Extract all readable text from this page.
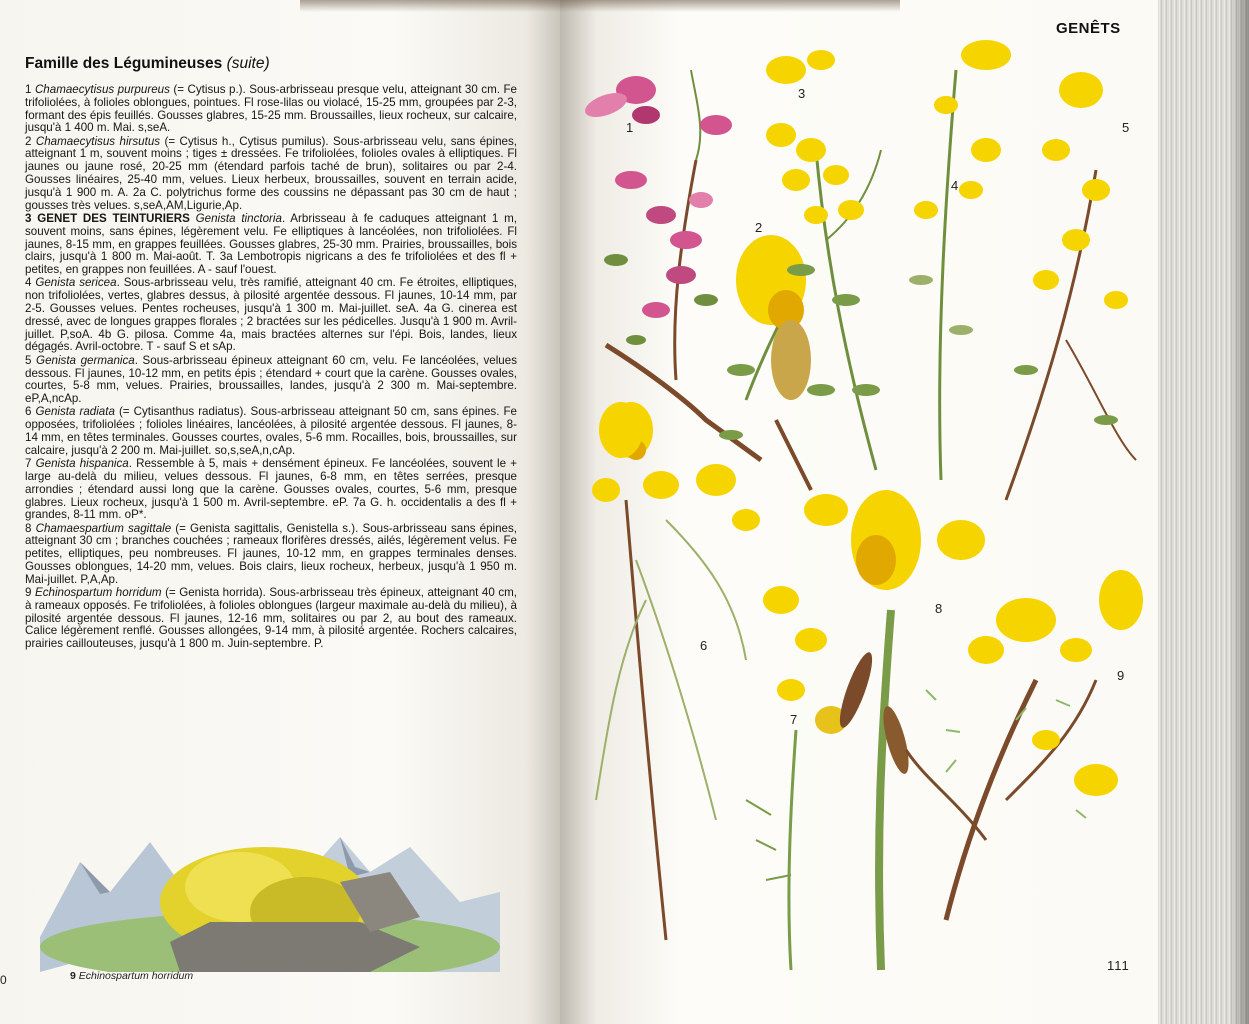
Famille des Légumineuses (suite)

1 Chamaecytisus purpureus (= Cytisus p.). Sous-arbrisseau presque velu, atteignant 30 cm. Fe trifoliolées, à folioles oblongues, pointues. Fl rose-lilas ou violacé, 15-25 mm, groupées par 2-3, formant des épis feuillés. Gousses glabres, 15-25 mm. Broussailles, lieux rocheux, sur calcaire, jusqu'à 1 400 m. Mai. s,seA.

2 Chamaecytisus hirsutus (= Cytisus h., Cytisus pumilus). Sous-arbrisseau velu, sans épines, atteignant 1 m, souvent moins ; tiges ± dressées. Fe trifoliolées, folioles ovales à elliptiques. Fl jaunes ou jaune rosé, 20-25 mm (étendard parfois taché de brun), solitaires ou par 2-4. Gousses linéaires, 25-40 mm, velues. Lieux herbeux, broussailles, souvent en terrain acide, jusqu'à 1 900 m. A. 2a C. polytrichus forme des coussins ne dépassant pas 30 cm de haut ; gousses très velues. s,seA,AM,Ligurie,Ap.

3 GENET DES TEINTURIERS Genista tinctoria. Arbrisseau à fe caduques atteignant 1 m, souvent moins, sans épines, légèrement velu. Fe elliptiques à lancéolées, non trifoliolées. Fl jaunes, 8-15 mm, en grappes feuillées. Gousses glabres, 25-30 mm. Prairies, broussailles, bois clairs, jusqu'à 1 800 m. Mai-août. T. 3a Lembotropis nigricans a des fe trifoliolées et des fl + petites, en grappes non feuillées. A - sauf l'ouest.

4 Genista sericea. Sous-arbrisseau velu, très ramifié, atteignant 40 cm. Fe étroites, elliptiques, non trifoliolées, vertes, glabres dessus, à pilosité argentée dessous. Fl jaunes, 10-14 mm, par 2-5. Gousses velues. Pentes rocheuses, jusqu'à 1 300 m. Mai-juillet. seA. 4a G. cinerea est dressé, avec de longues grappes florales ; 2 bractées sur les pédicelles. Jusqu'à 1 900 m. Avril-juillet. P,soA. 4b G. pilosa. Comme 4a, mais bractées alternes sur l'épi. Bois, landes, lieux dégagés. Avril-octobre. T - sauf S et sAp.

5 Genista germanica. Sous-arbrisseau épineux atteignant 60 cm, velu. Fe lancéolées, velues dessous. Fl jaunes, 10-12 mm, en petits épis ; étendard + court que la carène. Gousses ovales, courtes, 5-8 mm, velues. Prairies, broussailles, landes, jusqu'à 2 300 m. Mai-septembre. eP,A,ncAp.

6 Genista radiata (= Cytisanthus radiatus). Sous-arbrisseau atteignant 50 cm, sans épines. Fe opposées, trifoliolées ; folioles linéaires, lancéolées, à pilosité argentée dessous. Fl jaunes, 8-14 mm, en têtes terminales. Gousses courtes, ovales, 5-6 mm. Rocailles, bois, broussailles, sur calcaire, jusqu'à 2 200 m. Mai-juillet. so,s,seA,n,cAp.

7 Genista hispanica. Ressemble à 5, mais + densément épineux. Fe lancéolées, souvent le + large au-delà du milieu, velues dessous. Fl jaunes, 6-8 mm, en têtes serrées, presque arrondies ; étendard aussi long que la carène. Gousses ovales, courtes, 5-6 mm, presque glabres. Lieux rocheux, jusqu'à 1 500 m. Avril-septembre. eP. 7a G. h. occidentalis a des fl + grandes, 8-11 mm. oP*.

8 Chamaespartium sagittale (= Genista sagittalis, Genistella s.). Sous-arbrisseau sans épines, atteignant 30 cm ; branches couchées ; rameaux florifères dressés, ailés, légèrement velus. Fe petites, elliptiques, peu nombreuses. Fl jaunes, 10-12 mm, en grappes terminales denses. Gousses oblongues, 14-20 mm, velues. Bois clairs, lieux rocheux, herbeux, jusqu'à 1 950 m. Mai-juillet. P,A,Ap.

9 Echinospartum horridum (= Genista horrida). Sous-arbrisseau très épineux, atteignant 40 cm, à rameaux opposés. Fe trifoliolées, à folioles oblongues (largeur maximale au-delà du milieu), à pilosité argentée dessous. Fl jaunes, 12-16 mm, solitaires ou par 2, au bout des rameaux. Calice légèrement renflé. Gousses allongées, 9-14 mm, à pilosité argentée. Rochers calcaires, prairies caillouteuses, jusqu'à 1 800 m. Juin-septembre. P.

9 Echinospartum horridum
0
GENÊTS
1
2
3
4
5
6
7
8
9
111
